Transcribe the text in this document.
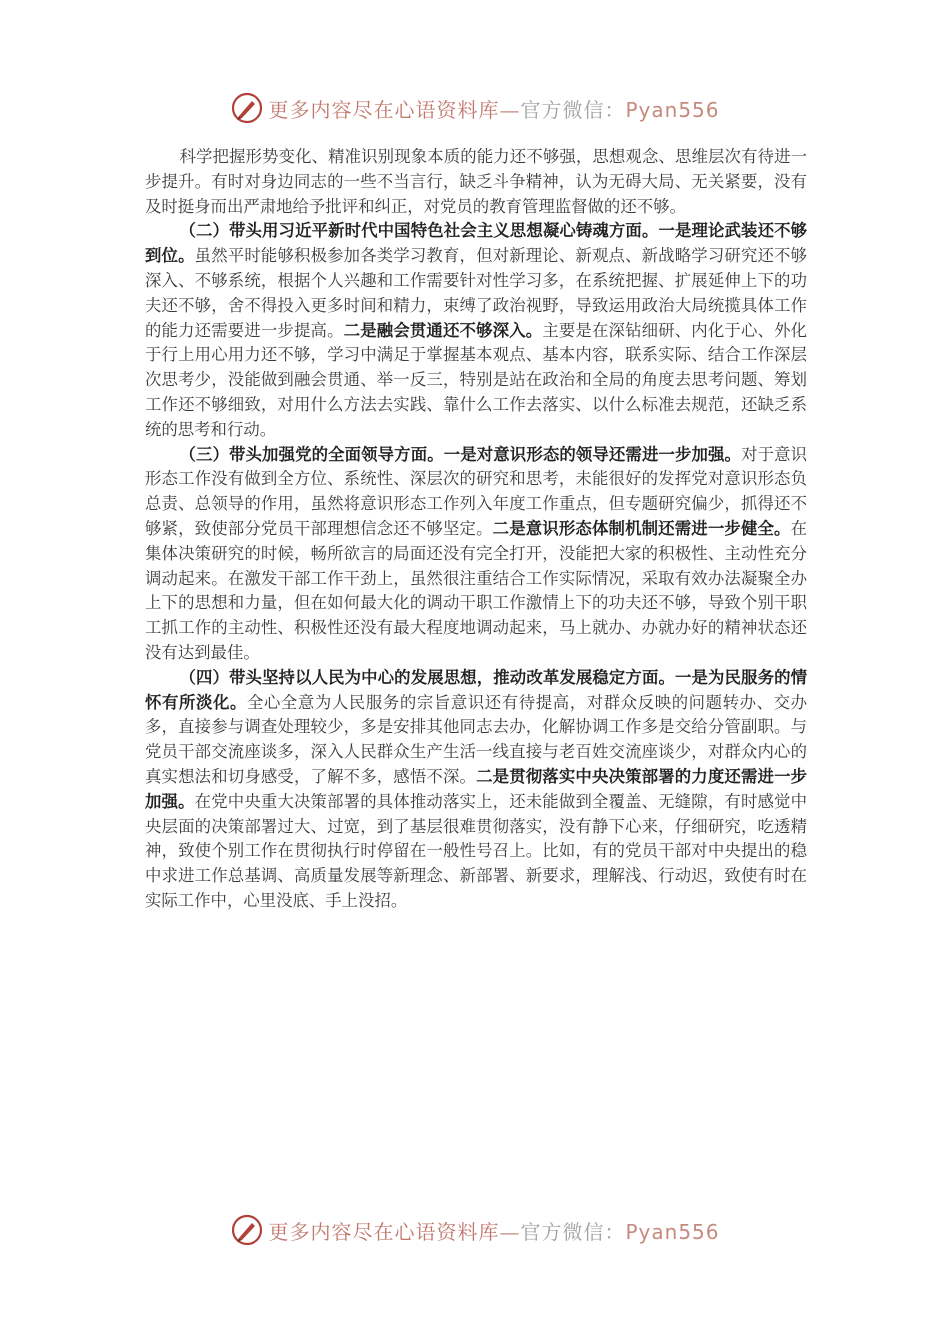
更多内容尽在心语资料库—官方微信：Pyan556

科学把握形势变化、精准识别现象本质的能力还不够强，思想观念、思维层次有待进一步提升。有时对身边同志的一些不当言行，缺乏斗争精神，认为无碍大局、无关紧要，没有及时挺身而出严肃地给予批评和纠正，对党员的教育管理监督做的还不够。

（二）带头用习近平新时代中国特色社会主义思想凝心铸魂方面。一是理论武装还不够到位。虽然平时能够积极参加各类学习教育，但对新理论、新观点、新战略学习研究还不够深入、不够系统，根据个人兴趣和工作需要针对性学习多，在系统把握、扩展延伸上下的功夫还不够，舍不得投入更多时间和精力，束缚了政治视野，导致运用政治大局统揽具体工作的能力还需要进一步提高。二是融会贯通还不够深入。主要是在深钻细研、内化于心、外化于行上用心用力还不够，学习中满足于掌握基本观点、基本内容，联系实际、结合工作深层次思考少，没能做到融会贯通、举一反三，特别是站在政治和全局的角度去思考问题、筹划工作还不够细致，对用什么方法去实践、靠什么工作去落实、以什么标准去规范，还缺乏系统的思考和行动。

（三）带头加强党的全面领导方面。一是对意识形态的领导还需进一步加强。对于意识形态工作没有做到全方位、系统性、深层次的研究和思考，未能很好的发挥党对意识形态负总责、总领导的作用，虽然将意识形态工作列入年度工作重点，但专题研究偏少，抓得还不够紧，致使部分党员干部理想信念还不够坚定。二是意识形态体制机制还需进一步健全。在集体决策研究的时候，畅所欲言的局面还没有完全打开，没能把大家的积极性、主动性充分调动起来。在激发干部工作干劲上，虽然很注重结合工作实际情况，采取有效办法凝聚全办上下的思想和力量，但在如何最大化的调动干职工作激情上下的功夫还不够，导致个别干职工抓工作的主动性、积极性还没有最大程度地调动起来，马上就办、办就办好的精神状态还没有达到最佳。

（四）带头坚持以人民为中心的发展思想，推动改革发展稳定方面。一是为民服务的情怀有所淡化。全心全意为人民服务的宗旨意识还有待提高，对群众反映的问题转办、交办多，直接参与调查处理较少，多是安排其他同志去办，化解协调工作多是交给分管副职。与党员干部交流座谈多，深入人民群众生产生活一线直接与老百姓交流座谈少，对群众内心的真实想法和切身感受，了解不多，感悟不深。二是贯彻落实中央决策部署的力度还需进一步加强。在党中央重大决策部署的具体推动落实上，还未能做到全覆盖、无缝隙，有时感觉中央层面的决策部署过大、过宽，到了基层很难贯彻落实，没有静下心来，仔细研究，吃透精神，致使个别工作在贯彻执行时停留在一般性号召上。比如，有的党员干部对中央提出的稳中求进工作总基调、高质量发展等新理念、新部署、新要求，理解浅、行动迟，致使有时在实际工作中，心里没底、手上没招。

更多内容尽在心语资料库—官方微信：Pyan556
